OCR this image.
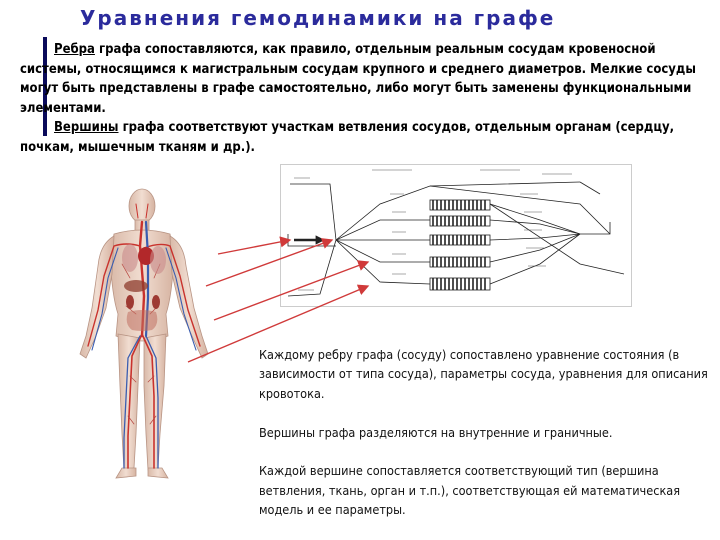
Уравнения гемодинамики на графе

Ребра графа сопоставляются, как правило, отдельным реальным сосудам кровеносной системы, относящимся к магистральным сосудам крупного и среднего диаметров. Мелкие сосуды могут быть представлены в графе самостоятельно, либо могут быть заменены функциональными элементами.

Вершины графа соответствуют участкам ветвления сосудов, отдельным органам (сердцу, почкам, мышечным тканям и др.).

Каждому ребру графа (сосуду) сопоставлено уравнение состояния (в зависимости от типа сосуда), параметры сосуда, уравнения для описания кровотока.

Вершины графа разделяются на внутренние и граничные.

Каждой вершине сопоставляется соответствующий тип (вершина ветвления, ткань, орган и т.п.), соответствующая ей математическая модель и ее параметры.
